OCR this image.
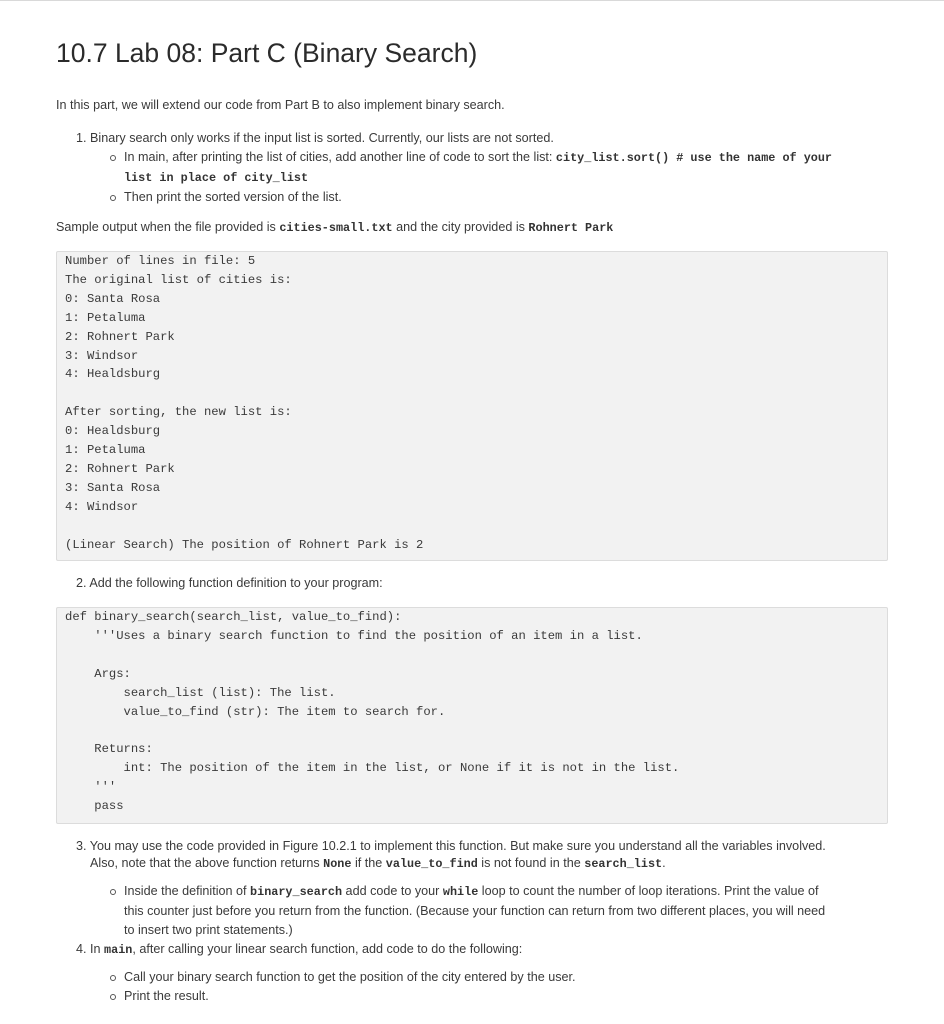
10.7 Lab 08: Part C (Binary Search)

In this part, we will extend our code from Part B to also implement binary search.

1. Binary search only works if the input list is sorted. Currently, our lists are not sorted.
In main, after printing the list of cities, add another line of code to sort the list: city_list.sort() # use the name of your
list in place of city_list
Then print the sorted version of the list.
Sample output when the file provided is cities-small.txt and the city provided is Rohnert Park
Number of lines in file: 5
The original list of cities is:
0: Santa Rosa
1: Petaluma
2: Rohnert Park
3: Windsor
4: Healdsburg

After sorting, the new list is:
0: Healdsburg
1: Petaluma
2: Rohnert Park
3: Santa Rosa
4: Windsor

(Linear Search) The position of Rohnert Park is 2
2. Add the following function definition to your program:
def binary_search(search_list, value_to_find):
'''Uses a binary search function to find the position of an item in a list.

Args:
search_list (list): The list.
value_to_find (str): The item to search for.

Returns:
int: The position of the item in the list, or None if it is not in the list.
'''
pass
3. You may use the code provided in Figure 10.2.1 to implement this function. But make sure you understand all the variables involved.
Also, note that the above function returns None if the value_to_find is not found in the search_list.
Inside the definition of binary_search add code to your while loop to count the number of loop iterations. Print the value of
this counter just before you return from the function. (Because your function can return from two different places, you will need
to insert two print statements.)
4. In main, after calling your linear search function, add code to do the following:
Call your binary search function to get the position of the city entered by the user.
Print the result.
